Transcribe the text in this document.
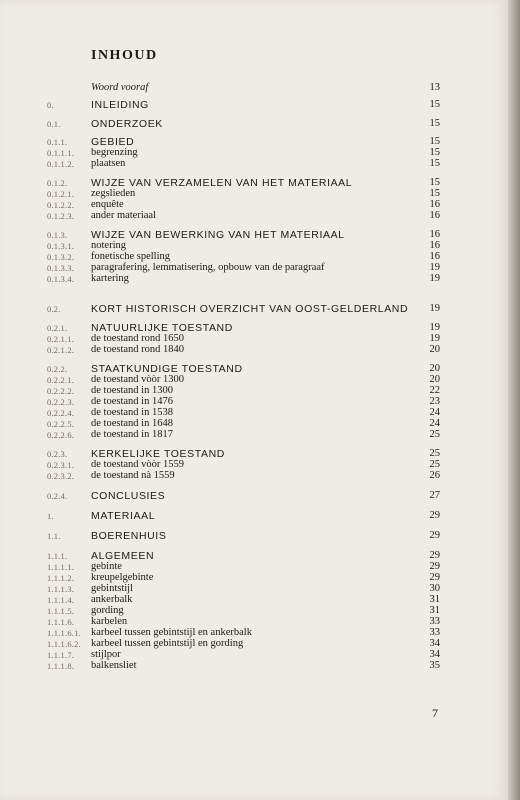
INHOUD
Woord vooraf	13
0.	INLEIDING	15
0.1.	ONDERZOEK	15
0.1.1. GEBIED	15
0.1.1.1. begrenzing	15
0.1.1.2. plaatsen	15
0.1.2. WIJZE VAN VERZAMELEN VAN HET MATERIAAL	15
0.1.2.1. zegslieden	15
0.1.2.2. enquête	16
0.1.2.3. ander materiaal	16
0.1.3. WIJZE VAN BEWERKING VAN HET MATERIAAL	16
0.1.3.1. notering	16
0.1.3.2. fonetische spelling	16
0.1.3.3. paragrafering, lemmatisering, opbouw van de paragraaf	19
0.1.3.4. kartering	19
0.2.	KORT HISTORISCH OVERZICHT VAN OOST-GELDERLAND	19
0.2.1. NATUURLIJKE TOESTAND	19
0.2.1.1. de toestand rond 1650	19
0.2.1.2. de toestand rond 1840	20
0.2.2. STAATKUNDIGE TOESTAND	20
0.2.2.1. de toestand vòòr 1300	20
0.2.2.2. de toestand in 1300	22
0.2.2.3. de toestand in 1476	23
0.2.2.4. de toestand in 1538	24
0.2.2.5. de toestand in 1648	24
0.2.2.6. de toestand in 1817	25
0.2.3. KERKELIJKE TOESTAND	25
0.2.3.1. de toestand vòòr 1559	25
0.2.3.2. de toestand nà 1559	26
0.2.4. CONCLUSIES	27
1.	MATERIAAL	29
1.1.	BOERENHUIS	29
1.1.1. ALGEMEEN	29
1.1.1.1. gebinte	29
1.1.1.2. kreupelgebinte	29
1.1.1.3. gebintstijl	30
1.1.1.4. ankerbalk	31
1.1.1.5. gording	31
1.1.1.6. karbelen	33
1.1.1.6.1. karbeel tussen gebintstijl en ankerbalk	33
1.1.1.6.2. karbeel tussen gebintstijl en gording	34
1.1.1.7. stijlpor	34
1.1.1.8. balkensliet	35
7
